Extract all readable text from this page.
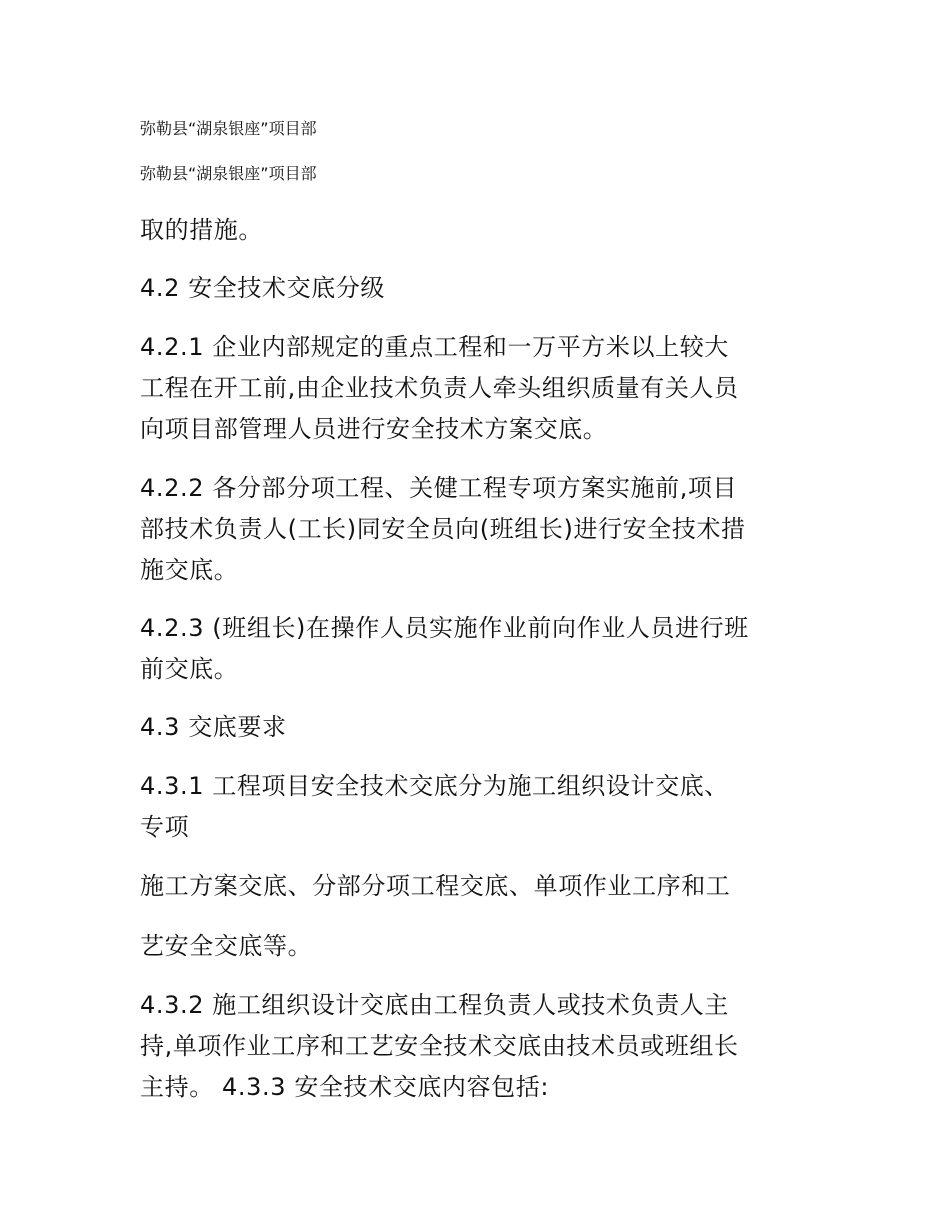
弥勒县“湖泉银座”项目部
弥勒县“湖泉银座”项目部
取的措施。
4.2 安全技术交底分级
4.2.1 企业内部规定的重点工程和一万平方米以上较大
工程在开工前,由企业技术负责人牵头组织质量有关人员
向项目部管理人员进行安全技术方案交底。
4.2.2 各分部分项工程、关健工程专项方案实施前,项目
部技术负责人(工长)同安全员向(班组长)进行安全技术措
施交底。
4.2.3 (班组长)在操作人员实施作业前向作业人员进行班
前交底。
4.3 交底要求
4.3.1 工程项目安全技术交底分为施工组织设计交底、
专项
施工方案交底、分部分项工程交底、单项作业工序和工
艺安全交底等。
4.3.2 施工组织设计交底由工程负责人或技术负责人主
持,单项作业工序和工艺安全技术交底由技术员或班组长
主持。 4.3.3 安全技术交底内容包括:
